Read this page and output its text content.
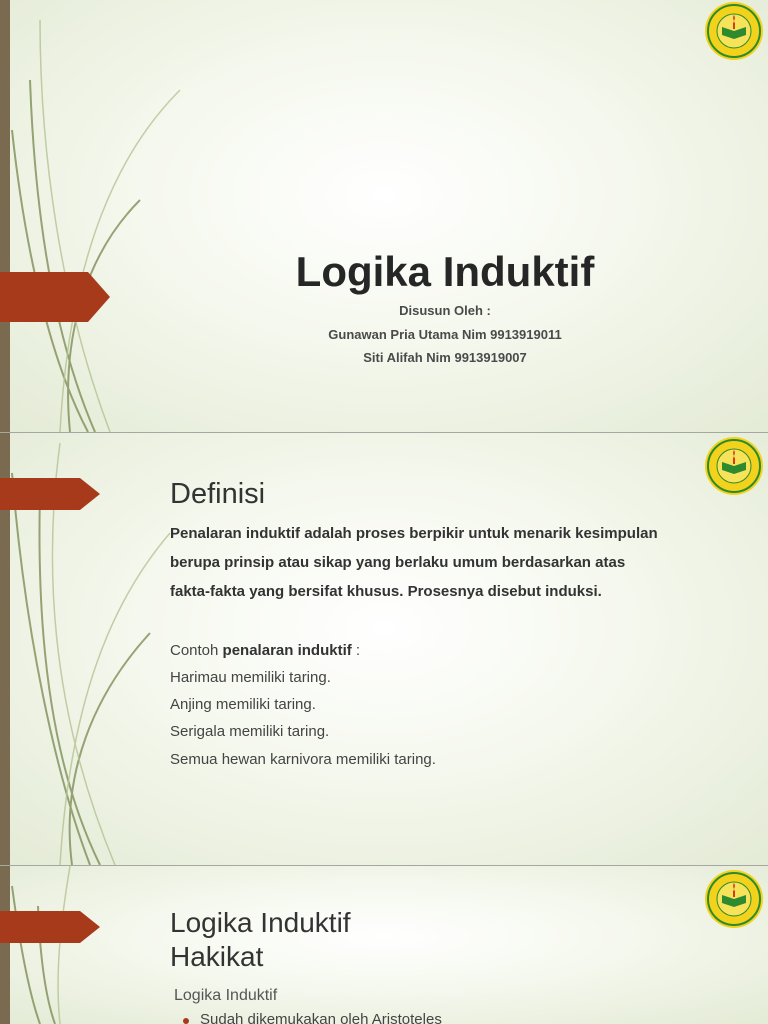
Logika Induktif
Disusun Oleh :
Gunawan Pria Utama Nim 9913919011
Siti Alifah Nim 9913919007
Definisi
Penalaran induktif adalah proses berpikir untuk menarik kesimpulan
berupa prinsip atau sikap yang berlaku umum berdasarkan atas
fakta-fakta yang bersifat khusus. Prosesnya disebut induksi.
Contoh penalaran induktif :
Harimau memiliki taring.
Anjing memiliki taring.
Serigala memiliki taring.
Semua hewan karnivora memiliki taring.
Logika Induktif
Hakikat
Logika Induktif
Sudah dikemukakan oleh Aristoteles
